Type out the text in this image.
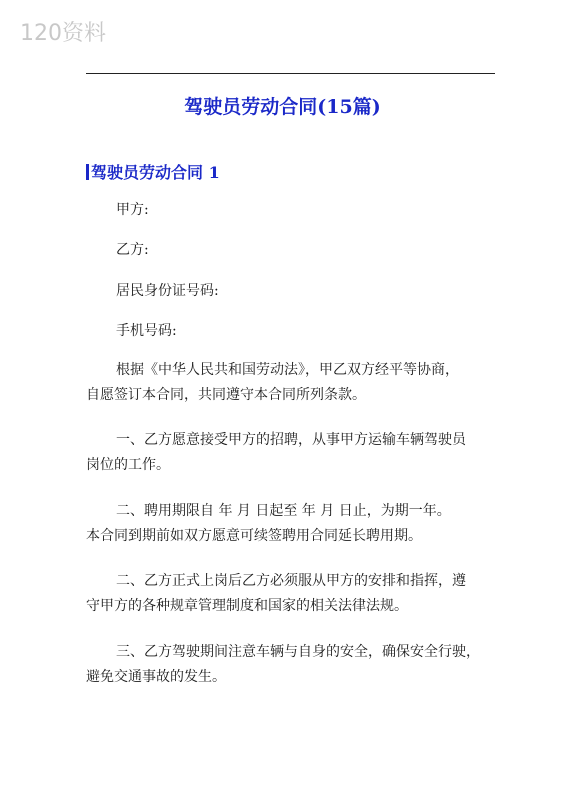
120资料
驾驶员劳动合同(15篇)
驾驶员劳动合同 1
甲方:
乙方:
居民身份证号码:
手机号码:
根据《中华人民共和国劳动法》，甲乙双方经平等协商，
自愿签订本合同，共同遵守本合同所列条款。
一、乙方愿意接受甲方的招聘，从事甲方运输车辆驾驶员
岗位的工作。
二、聘用期限自 年 月 日起至 年 月 日止，为期一年。
本合同到期前如双方愿意可续签聘用合同延长聘用期。
二、乙方正式上岗后乙方必须服从甲方的安排和指挥，遵
守甲方的各种规章管理制度和国家的相关法律法规。
三、乙方驾驶期间注意车辆与自身的安全，确保安全行驶，
避免交通事故的发生。
